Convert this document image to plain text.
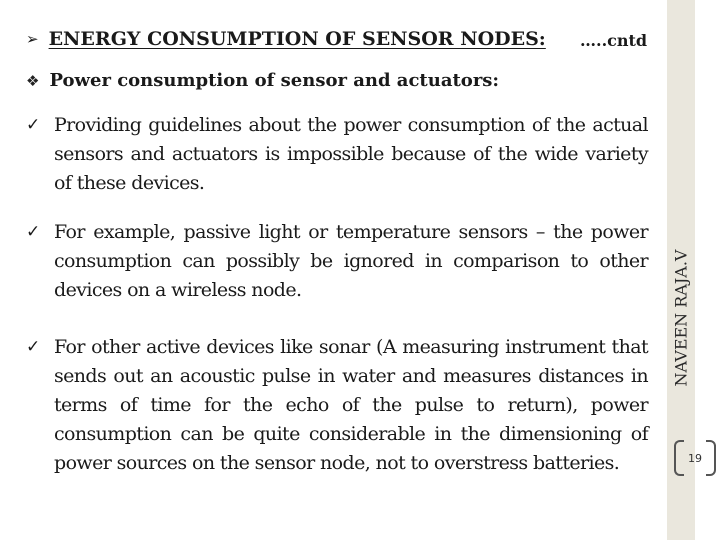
NAVEEN RAJA.V
19
➢ ENERGY CONSUMPTION OF SENSOR NODES: …..cntd
❖ Power consumption of sensor and actuators:
✓ Providing guidelines about the power consumption of the actual sensors and actuators is impossible because of the wide variety of these devices.
✓ For example, passive light or temperature sensors – the power consumption can possibly be ignored in comparison to other devices on a wireless node.
✓ For other active devices like sonar (A measuring instrument that sends out an acoustic pulse in water and measures distances in terms of time for the echo of the pulse to return), power consumption can be quite considerable in the dimensioning of power sources on the sensor node, not to overstress batteries.
